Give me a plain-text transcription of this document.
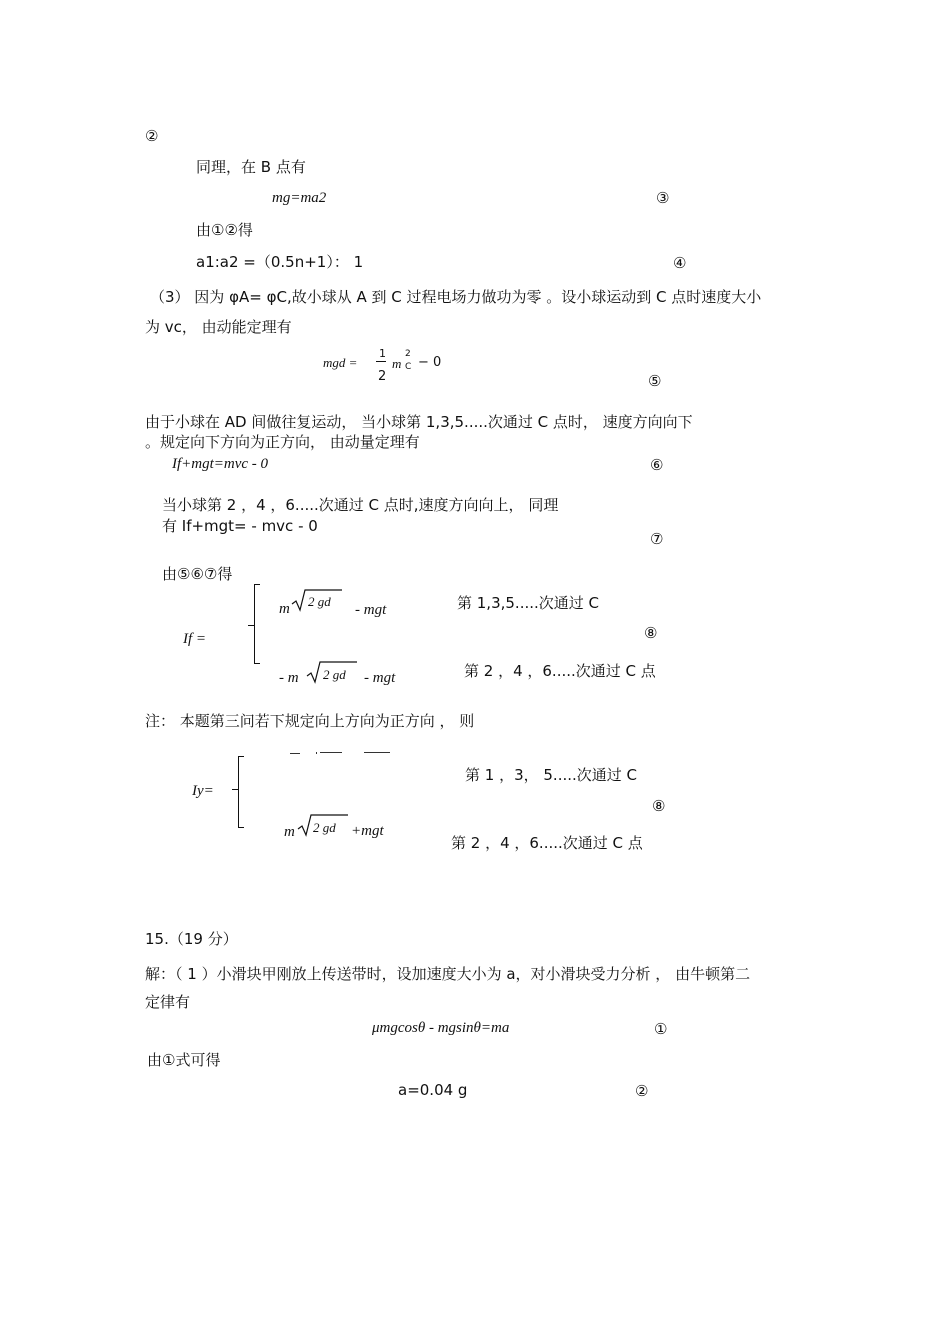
②
同理，在 B 点有
mg=ma2	③
由①②得
a1:a2 =（0.5n+1）： 1	④
（3） 因为 φA= φC,故小球从 A 到 C 过程电场力做功为零 。设小球运动到 C 点时速度大小
为 vc， 由动能定理有
mgd =
1
2
m
2
C − 0
⑤
由于小球在 AD 间做往复运动， 当小球第 1,3,5.....次通过 C 点时， 速度方向向下
。规定向下方向为正方向， 由动量定理有
If+mgt=mvc - 0	⑥
当小球第 2 ，4 ，6.....次通过 C 点时,速度方向向上， 同理
有 If+mgt= - mvc - 0
⑦
由⑤⑥⑦得
If =
m 2 gd
- mgt	第 1,3,5.....次通过 C
⑧
- m 2 gd - mgt	第 2 ，4 ，6.....次通过 C 点
注： 本题第三问若下规定向上方向为正方向 ， 则
Iy=
第 1 ，3， 5.....次通过 C
⑧
m 2 gd +mgt
第 2 ，4 ，6.....次通过 C 点
15.（19 分）
解：（ 1 ）小滑块甲刚放上传送带时，设加速度大小为 a，对小滑块受力分析 ， 由牛顿第二
定律有
μmgcosθ - mgsinθ=ma	①
由①式可得
a=0.04 g	②
